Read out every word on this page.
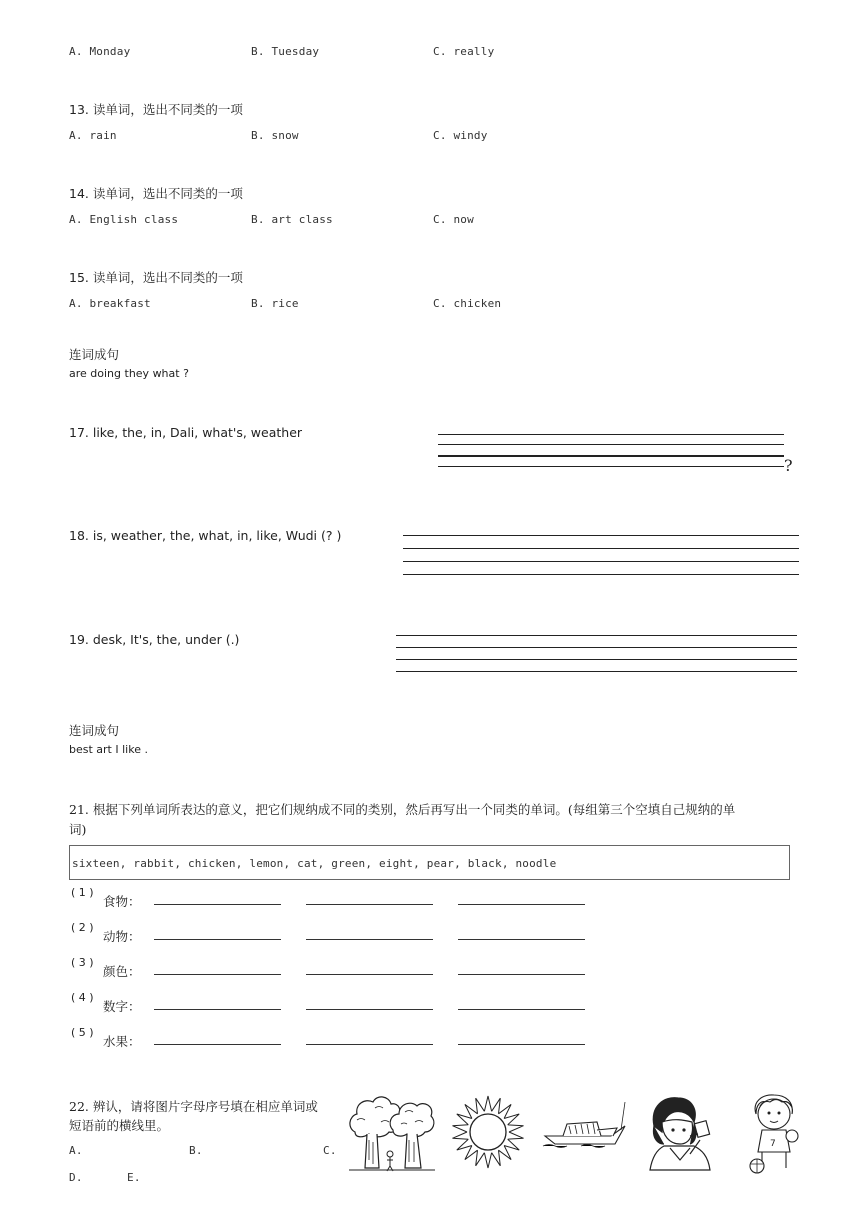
A. Monday	B. Tuesday	C. really
13. 读单词，选出不同类的一项
A. rain	B. snow	C. windy
14. 读单词，选出不同类的一项
A. English class	B. art class	C. now
15. 读单词，选出不同类的一项
A. breakfast	B. rice	C. chicken
连词成句
are doing they what ?
17. like, the, in, Dali, what's, weather
?
18. is, weather, the, what, in, like, Wudi (? )
19. desk, It's, the, under (.)
连词成句
best art I like .
21. 根据下列单词所表达的意义，把它们规纳成不同的类别，然后再写出一个同类的单词。(每组第三个空填自己规纳的单
词)
sixteen, rabbit, chicken, lemon, cat, green, eight, pear, black, noodle
( 1 )
食物：
( 2 )
动物：
( 3 )
颜色：
( 4 )
数字：
( 5 )
水果：
22. 辨认，请将图片字母序号填在相应单词或
短语前的横线里。
A.	B.	C.
D.	E.
7
